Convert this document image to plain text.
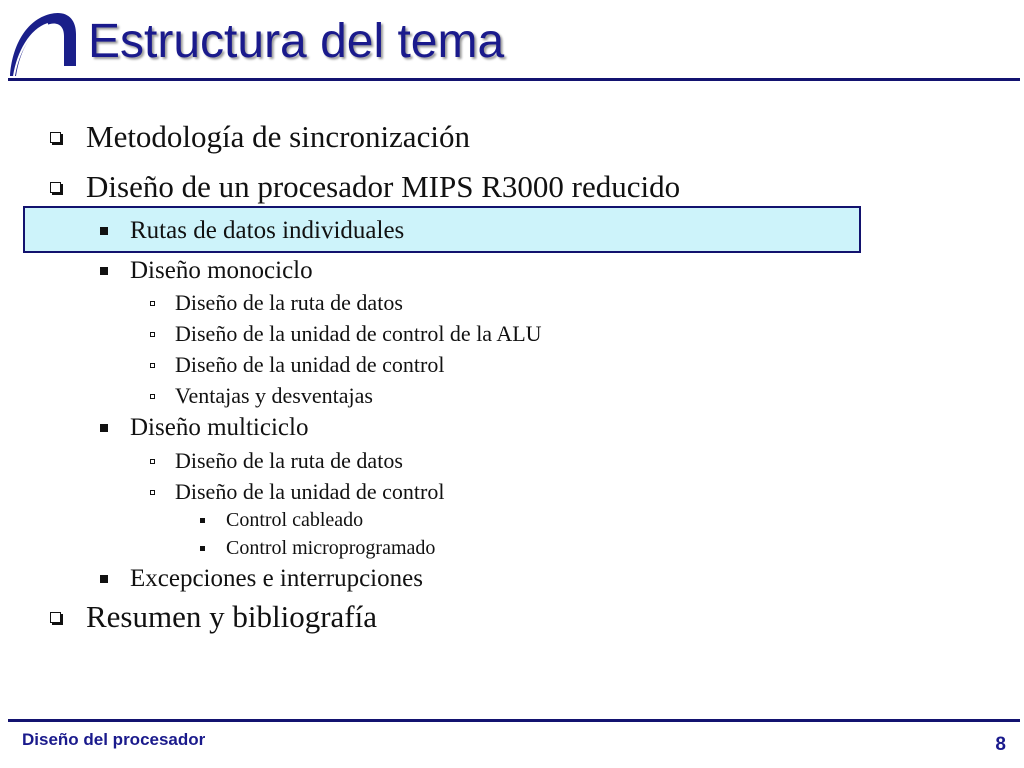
Estructura del tema
Metodología de sincronización
Diseño de un procesador MIPS R3000 reducido
Rutas de datos individuales
Diseño monociclo
Diseño de la ruta de datos
Diseño de la unidad de control de la ALU
Diseño de la unidad de control
Ventajas y desventajas
Diseño multiciclo
Diseño de la ruta de datos
Diseño de la unidad de control
Control cableado
Control microprogramado
Excepciones e interrupciones
Resumen y bibliografía
Diseño del procesador	8
